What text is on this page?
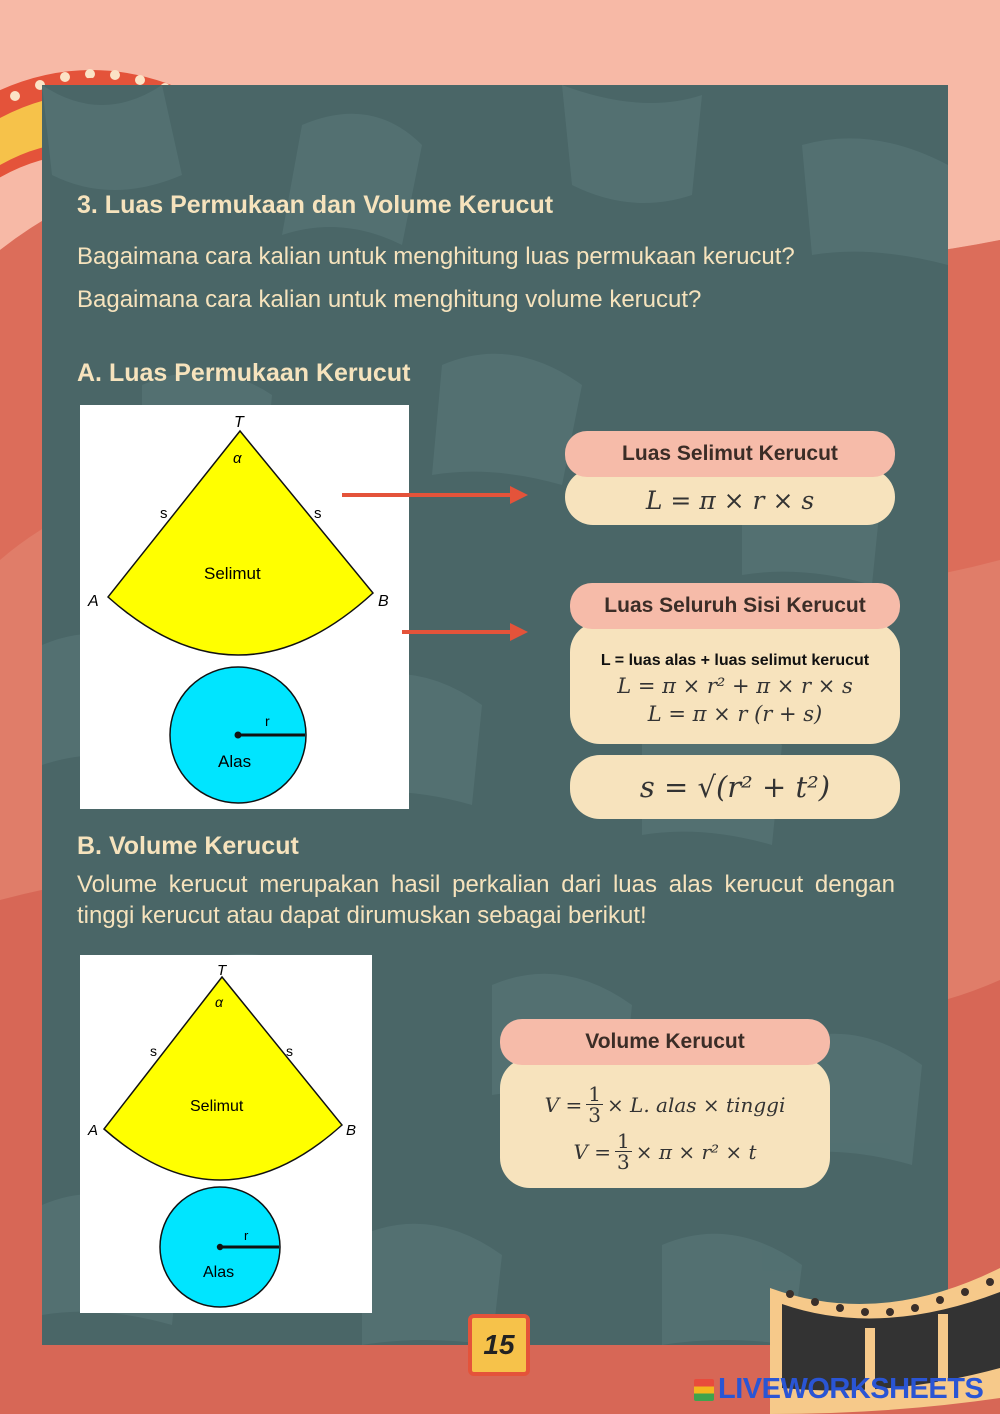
3. Luas Permukaan dan Volume Kerucut
Bagaimana cara kalian untuk menghitung luas permukaan kerucut?
Bagaimana cara kalian untuk menghitung volume kerucut?
A. Luas Permukaan Kerucut
T
α
s	s
A	B
Selimut
r
Alas
L = π × r × s
Luas Selimut Kerucut
L = luas alas + luas selimut kerucut
L = π × r² + π × r × s
L = π × r (r + s)
Luas Seluruh Sisi Kerucut
s = √(r² + t²)
B. Volume Kerucut
Volume kerucut merupakan hasil perkalian dari luas alas kerucut dengan tinggi kerucut atau dapat dirumuskan sebagai berikut!
T
α
s	s
A	B
Selimut
r
Alas
$V = \frac{1}{3} \times L$. alas × tinggi
$V = \frac{1}{3} \times \pi \times r^2 \times t$
Volume Kerucut
15
LIVEWORKSHEETS
